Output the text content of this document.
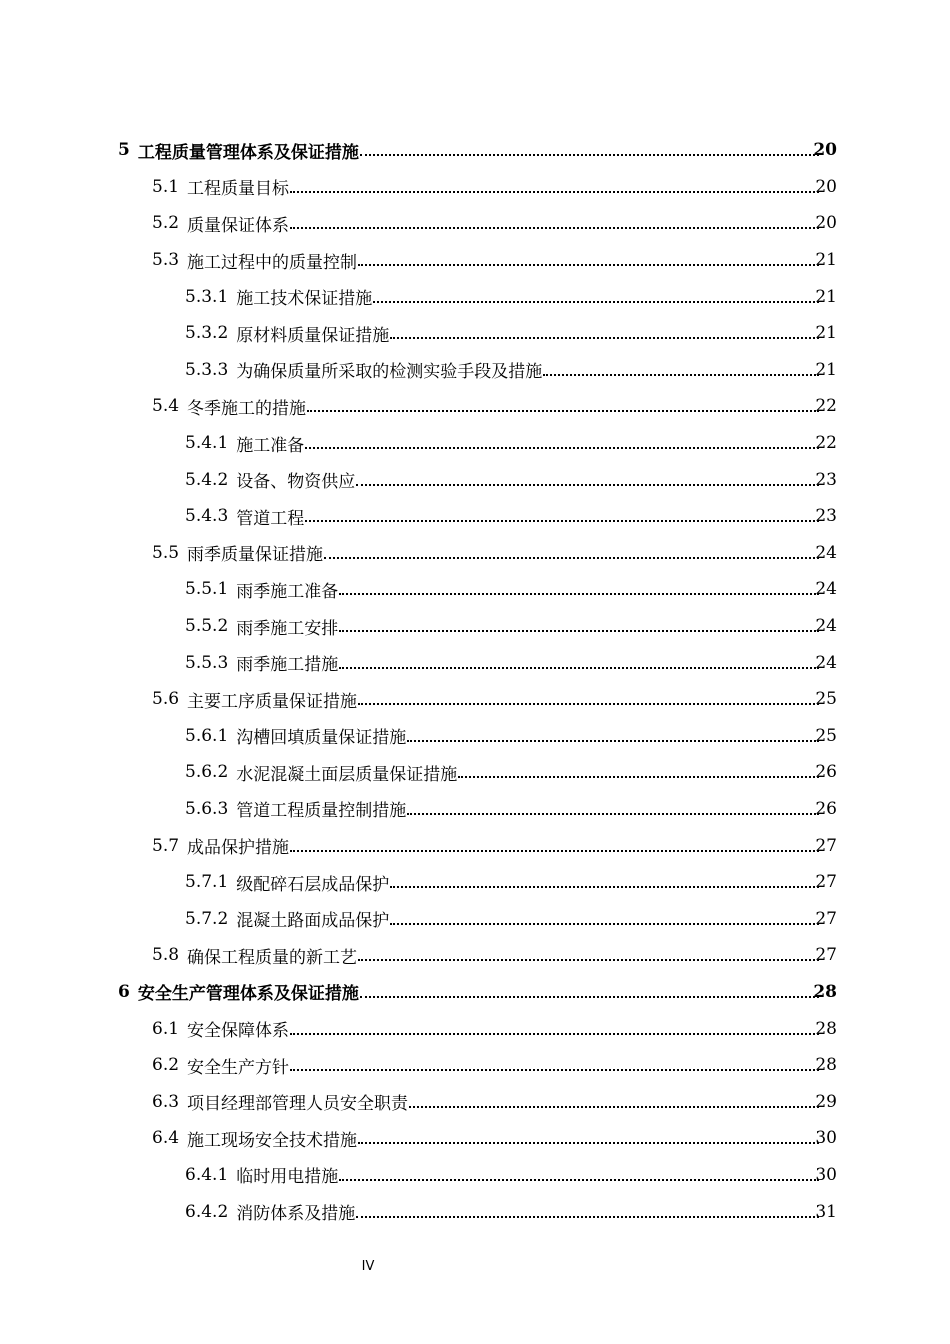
5 工程质量管理体系及保证措施	20
5.1 工程质量目标	20
5.2 质量保证体系	20
5.3 施工过程中的质量控制	21
5.3.1 施工技术保证措施	21
5.3.2 原材料质量保证措施	21
5.3.3 为确保质量所采取的检测实验手段及措施	21
5.4 冬季施工的措施	22
5.4.1 施工准备	22
5.4.2 设备、物资供应	23
5.4.3 管道工程	23
5.5 雨季质量保证措施	24
5.5.1 雨季施工准备	24
5.5.2 雨季施工安排	24
5.5.3 雨季施工措施	24
5.6 主要工序质量保证措施	25
5.6.1 沟槽回填质量保证措施	25
5.6.2 水泥混凝土面层质量保证措施	26
5.6.3 管道工程质量控制措施	26
5.7 成品保护措施	27
5.7.1 级配碎石层成品保护	27
5.7.2 混凝土路面成品保护	27
5.8 确保工程质量的新工艺	27
6 安全生产管理体系及保证措施	28
6.1 安全保障体系	28
6.2 安全生产方针	28
6.3 项目经理部管理人员安全职责	29
6.4 施工现场安全技术措施	30
6.4.1 临时用电措施	30
6.4.2 消防体系及措施	31
IV
